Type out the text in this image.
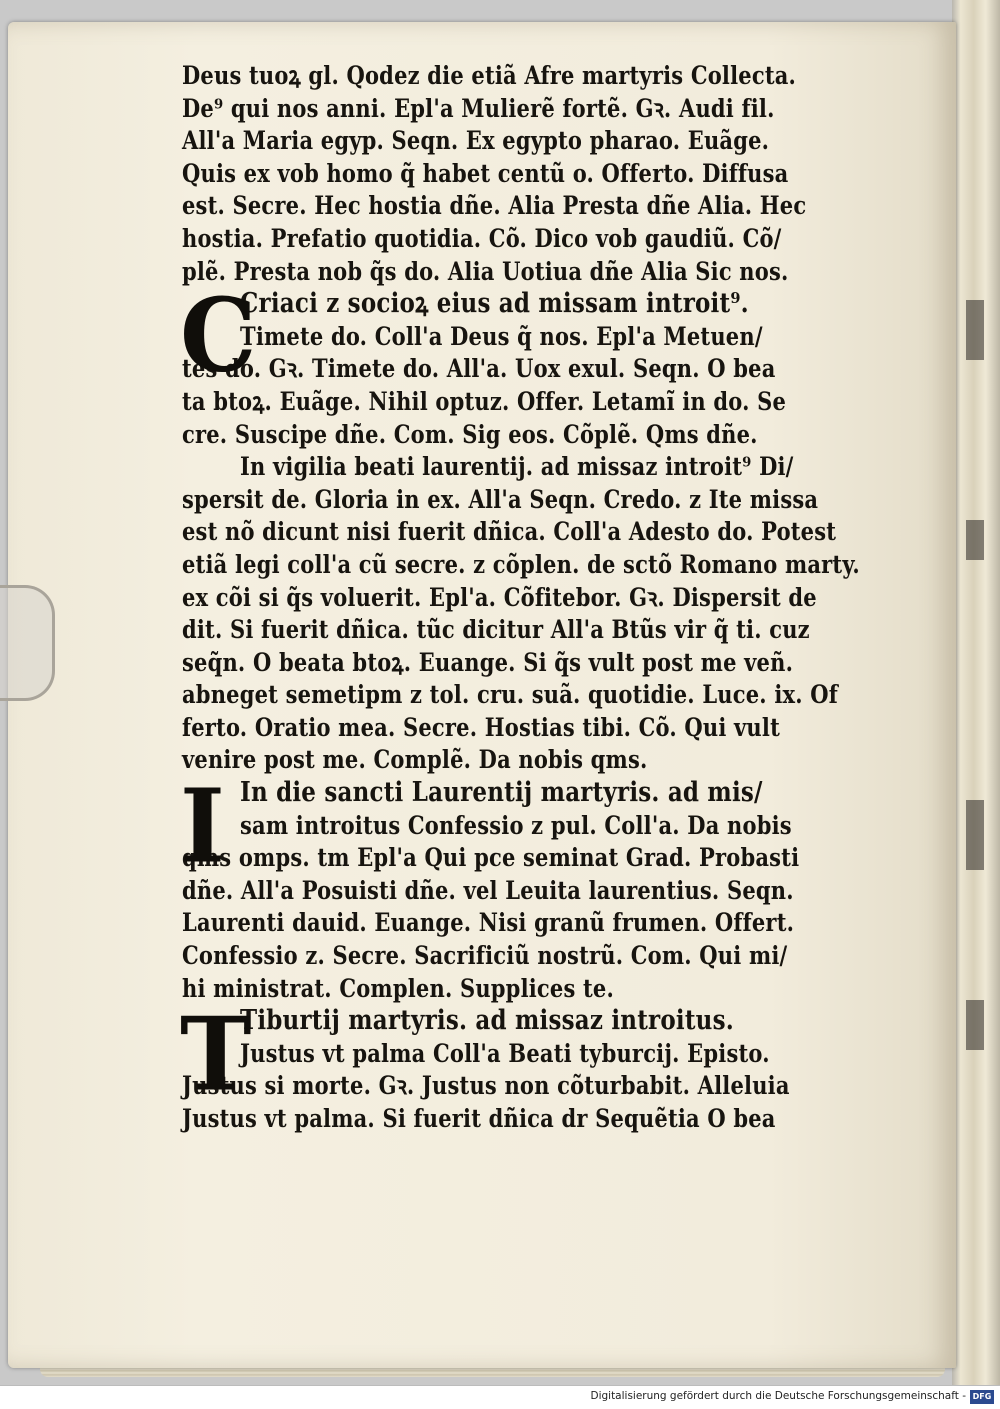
Deus tuoꝝ gl. Qodez die etiã Afre martyris Collecta.
De⁹ qui nos anni. Epl'a Mulierẽ fortẽ. Gꝛ. Audi fil.
All'a Maria egyp. Seqn. Ex egypto pharao. Euãge.
Quis ex vob homo q̃ habet centũ o. Offerto. Diffusa
est. Secre. Hec hostia dñe. Alia Presta dñe Alia. Hec
hostia. Prefatio quotidia. Cõ. Dico vob gaudiũ. Cõ/
plẽ. Presta nob q̃s do. Alia Uotiua dñe Alia Sic nos.
Criaci z socioꝝ eius ad missam introit⁹.
Timete do. Coll'a Deus q̃ nos. Epl'a Metuen/
tes do. Gꝛ. Timete do. All'a. Uox exul. Seqn. O bea
ta btoꝝ. Euãge. Nihil optuz. Offer. Letamĩ in do. Se
cre. Suscipe dñe. Com. Sig eos. Cõplẽ. Qms dñe.
In vigilia beati laurentij. ad missaz introit⁹ Di/
spersit de. Gloria in ex. All'a Seqn. Credo. z Ite missa
est nõ dicunt nisi fuerit dñica. Coll'a Adesto do. Potest
etiã legi coll'a cũ secre. z cõplen. de sctõ Romano marty.
ex cõi si q̃s voluerit. Epl'a. Cõfitebor. Gꝛ. Dispersit de
dit. Si fuerit dñica. tũc dicitur All'a Btũs vir q̃ ti. cuz
seq̃n. O beata btoꝝ. Euange. Si q̃s vult post me veñ.
abneget semetipm z tol. cru. suã. quotidie. Luce. ix. Of
ferto. Oratio mea. Secre. Hostias tibi. Cõ. Qui vult
venire post me. Complẽ. Da nobis qms.
In die sancti Laurentij martyris. ad mis/
sam introitus Confessio z pul. Coll'a. Da nobis
qms omps. tm Epl'a Qui pce seminat Grad. Probasti
dñe. All'a Posuisti dñe. vel Leuita laurentius. Seqn.
Laurenti dauid. Euange. Nisi granũ frumen. Offert.
Confessio z. Secre. Sacrificiũ nostrũ. Com. Qui mi/
hi ministrat. Complen. Supplices te.
Tiburtij martyris. ad missaz introitus.
Justus vt palma Coll'a Beati tyburcij. Episto.
Justus si morte. Gꝛ. Justus non cõturbabit. Alleluia
Justus vt palma. Si fuerit dñica dr Sequẽtia O bea
C
I
T
Digitalisierung gefördert durch die Deutsche Forschungsgemeinschaft - DFG
